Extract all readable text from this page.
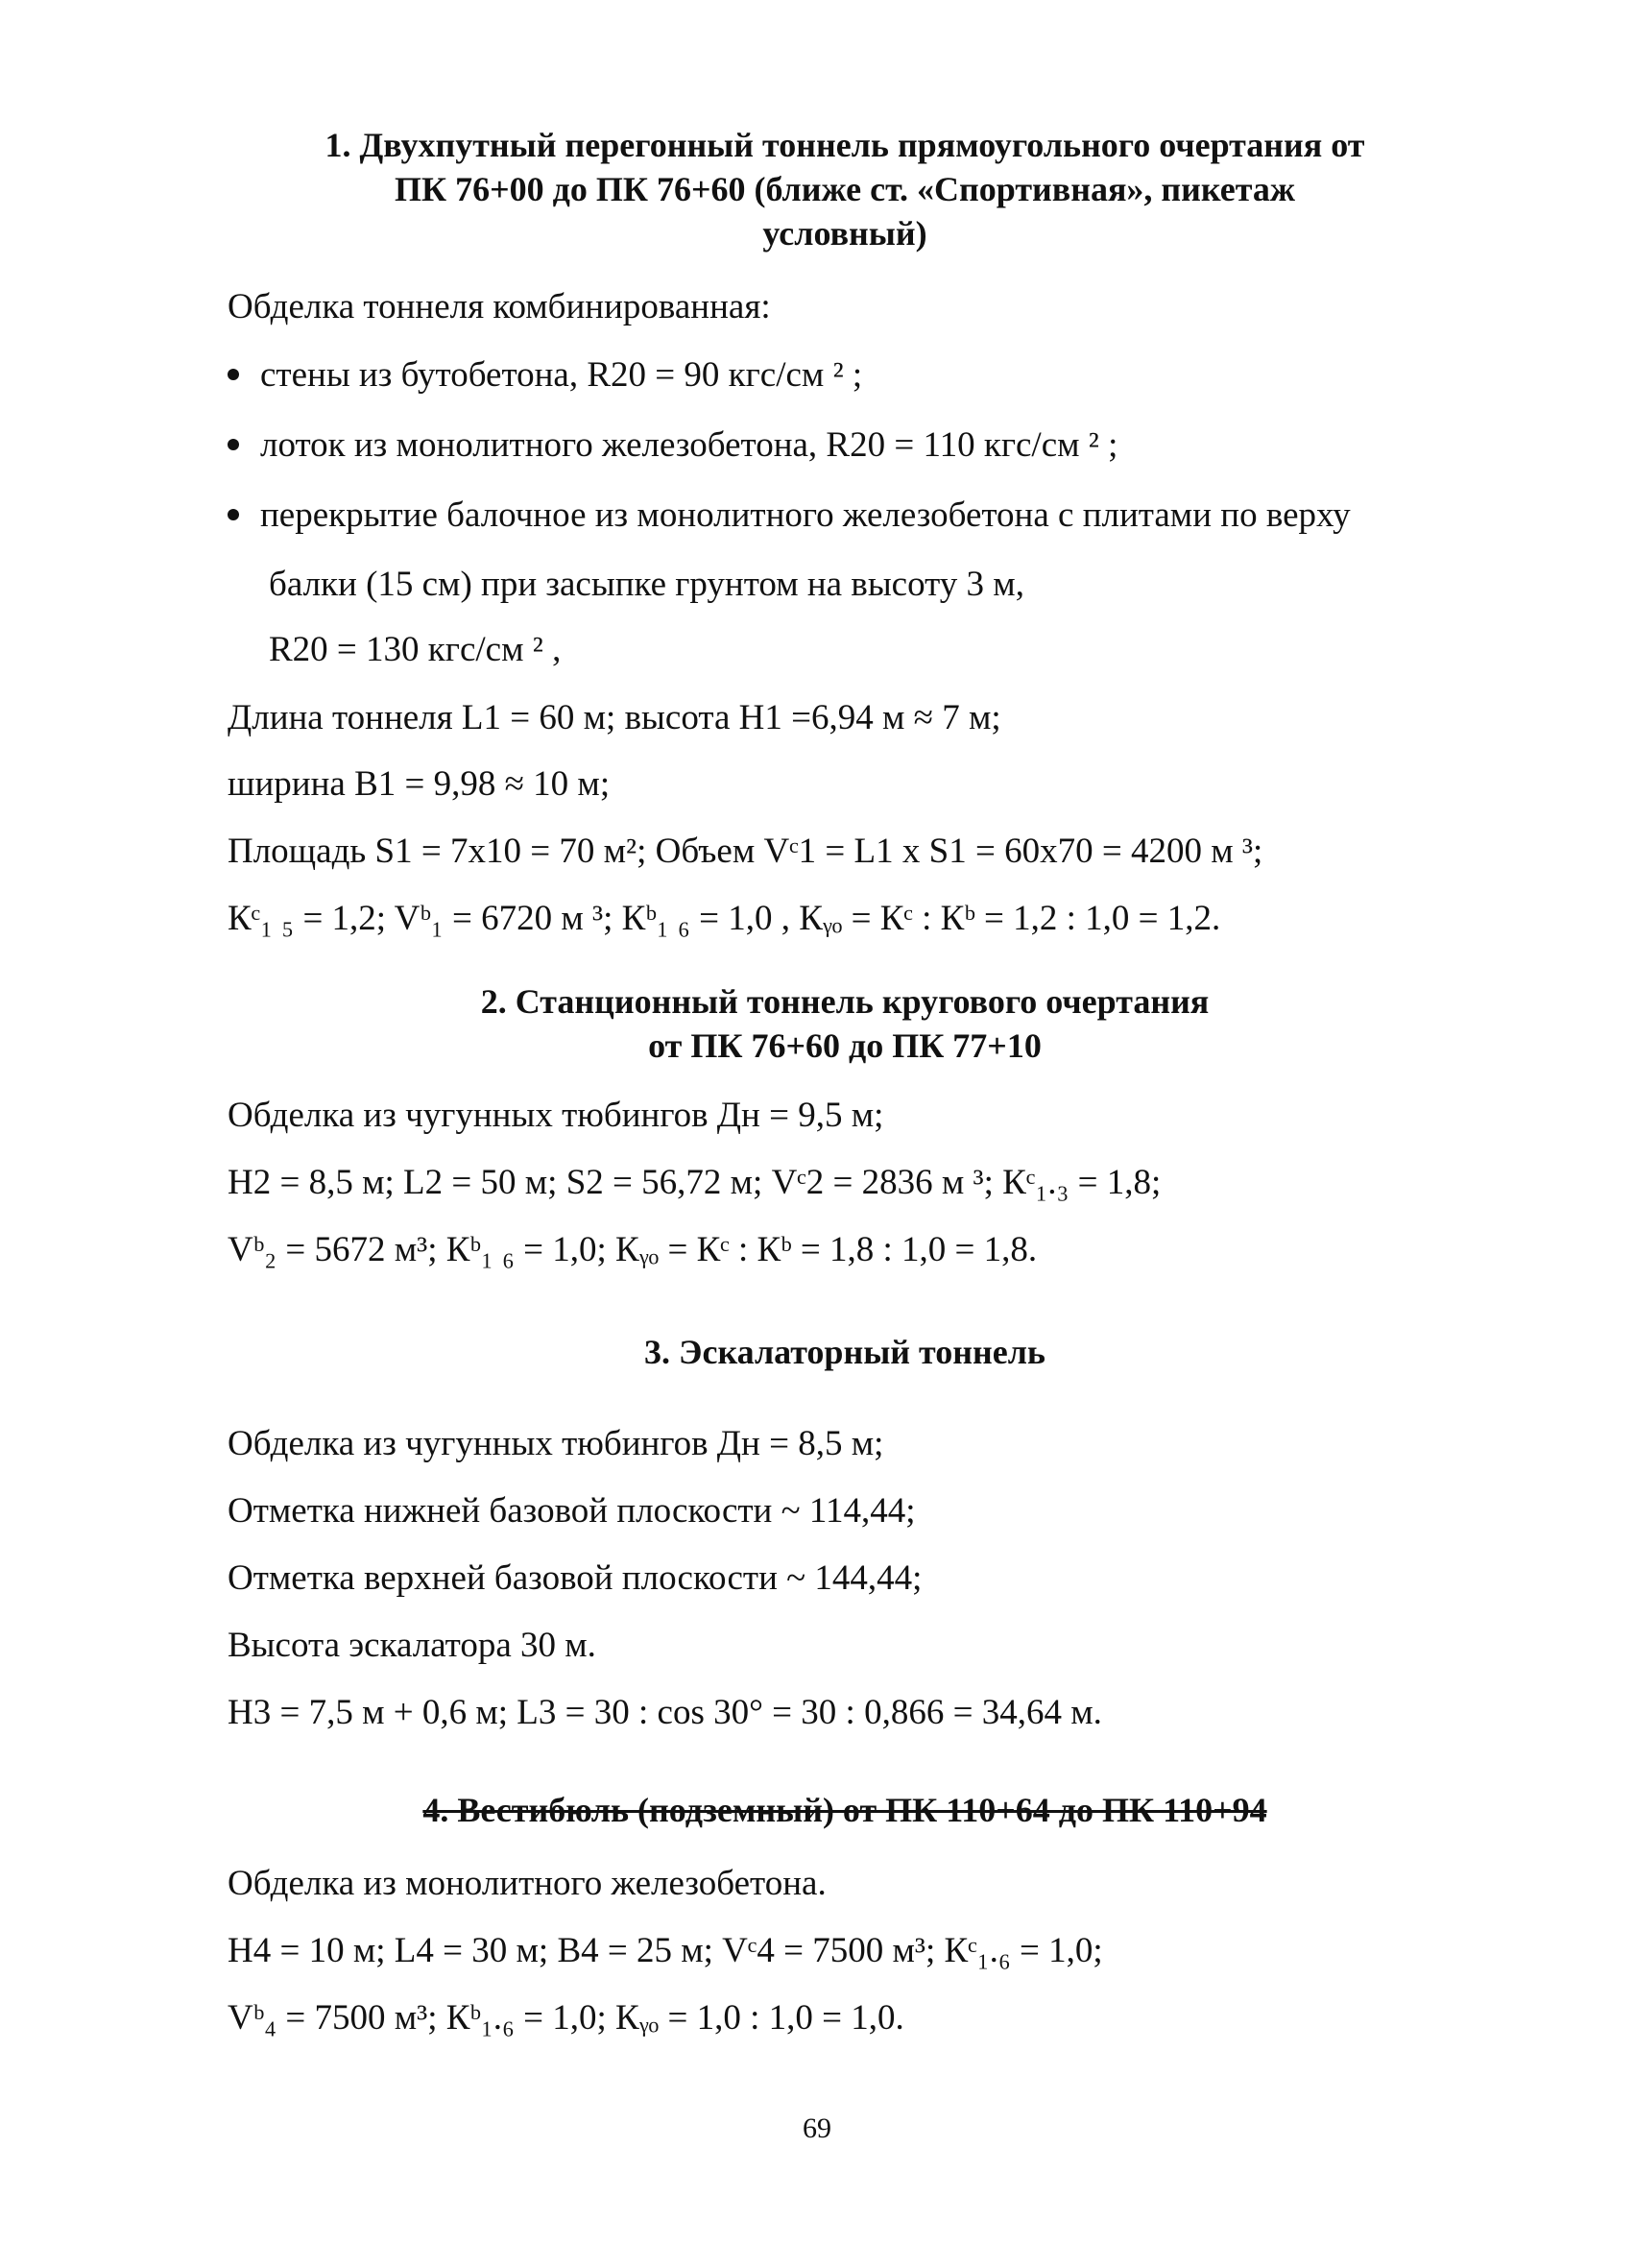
1. Двухпутный перегонный тоннель прямоугольного очертания от
ПК 76+00 до ПК 76+60 (ближе ст. «Спортивная», пикетаж
условный)

Обделка тоннеля комбинированная:

стены из бутобетона, R20 = 90 кгс/см ² ;
лоток из монолитного железобетона, R20 = 110 кгс/см ² ;
перекрытие балочное из монолитного железобетона с плитами по верху

балки (15 см) при засыпке грунтом на высоту 3 м,

R20 = 130 кгс/см ² ,

Длина тоннеля L1 = 60 м; высота H1 =6,94 м ≈ 7 м;

ширина B1 = 9,98 ≈ 10 м;

Площадь S1 = 7х10 = 70 м²; Объем Vᶜ1 = L1 х S1 = 60х70 = 4200 м ³;

Кᶜ₁ ₅ = 1,2; Vᵇ₁ = 6720 м ³; Кᵇ₁ ₆ = 1,0 , Кᵧₒ = Кᶜ : Кᵇ = 1,2 : 1,0 = 1,2.

2. Станционный тоннель кругового очертания
от ПК 76+60 до ПК 77+10

Обделка из чугунных тюбингов Дн = 9,5 м;

H2 = 8,5 м; L2 = 50 м; S2 = 56,72 м; Vᶜ2 = 2836 м ³; Кᶜ₁.₃ = 1,8;

Vᵇ₂ = 5672 м³; Кᵇ₁ ₆ = 1,0; Кᵧₒ = Кᶜ : Кᵇ = 1,8 : 1,0 = 1,8.

3. Эскалаторный тоннель

Обделка из чугунных тюбингов Дн = 8,5 м;

Отметка нижней базовой плоскости ~ 114,44;

Отметка верхней базовой плоскости ~ 144,44;

Высота эскалатора 30 м.

H3 = 7,5 м + 0,6 м; L3 = 30 : cos 30° = 30 : 0,866 = 34,64 м.

4. Вестибюль (подземный) от ПК 110+64 до ПК 110+94

Обделка из монолитного железобетона.

H4 = 10 м; L4 = 30 м; B4 = 25 м; Vᶜ4 = 7500 м³; Кᶜ₁.₆ = 1,0;

Vᵇ₄ = 7500 м³; Кᵇ₁.₆ = 1,0; Кᵧₒ = 1,0 : 1,0 = 1,0.

69
